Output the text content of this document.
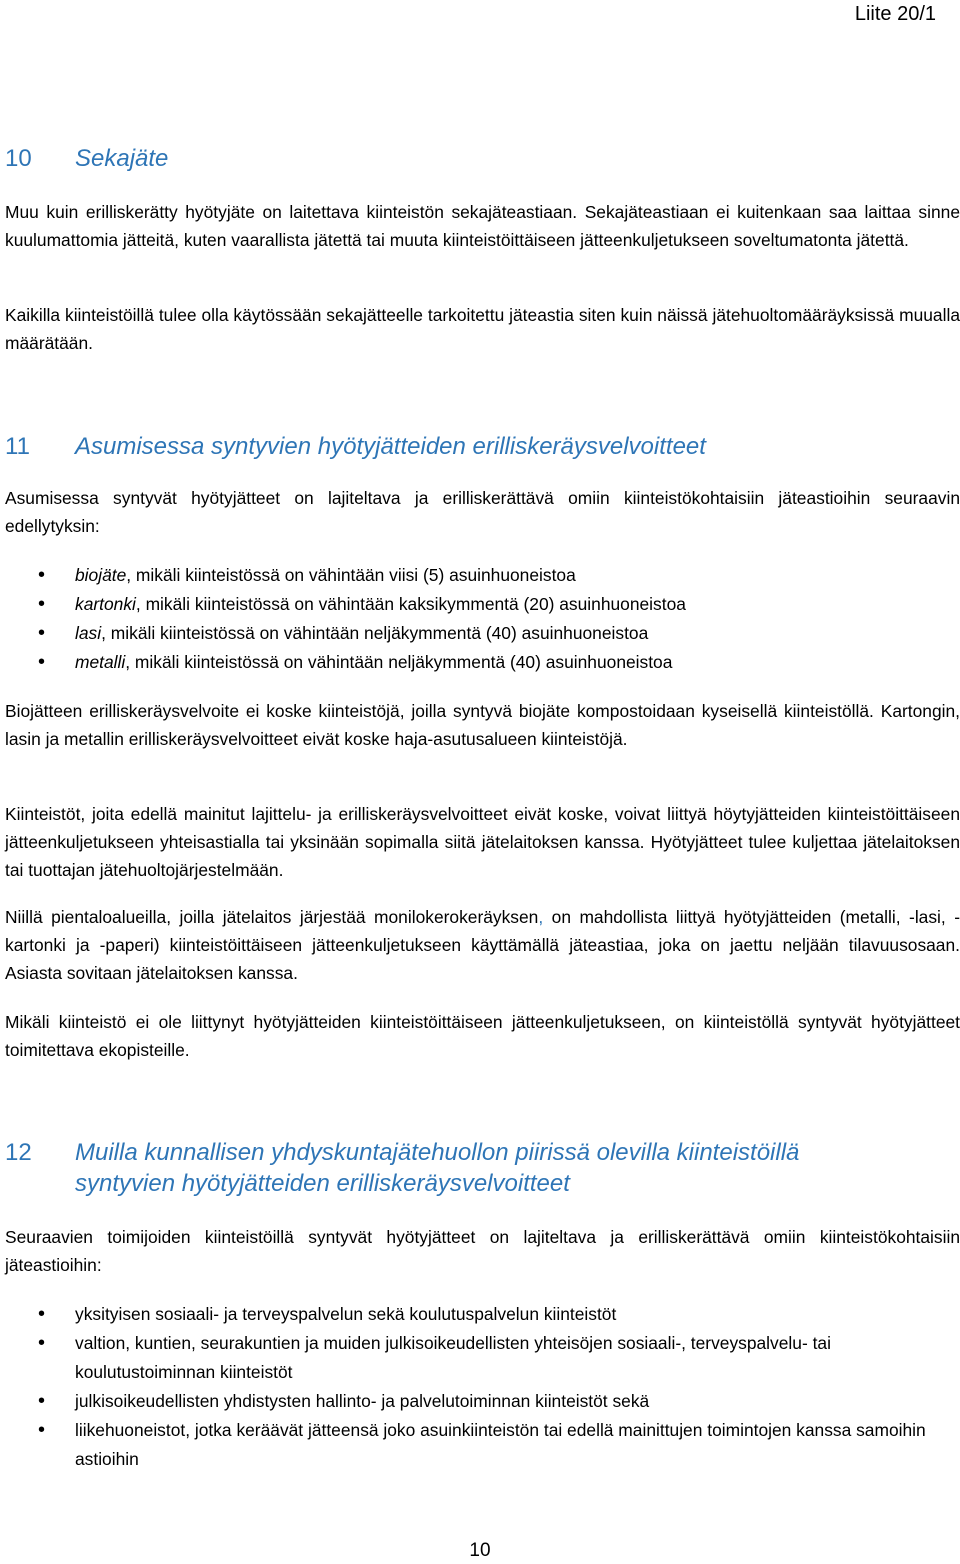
Liite 20/1
10 Sekajäte

Muu kuin erilliskerätty hyötyjäte on laitettava kiinteistön sekajäteastiaan. Sekajäteastiaan ei kuitenkaan saa laittaa sinne kuulumattomia jätteitä, kuten vaarallista jätettä tai muuta kiinteistöittäiseen jätteenkuljetukseen soveltumatonta jätettä.

Kaikilla kiinteistöillä tulee olla käytössään sekajätteelle tarkoitettu jäteastia siten kuin näissä jätehuoltomääräyksissä muualla määrätään.

11 Asumisessa syntyvien hyötyjätteiden erilliskeräysvelvoitteet

Asumisessa syntyvät hyötyjätteet on lajiteltava ja erilliskerättävä omiin kiinteistökohtaisiin jäteastioihin seuraavin edellytyksin:

• biojäte, mikäli kiinteistössä on vähintään viisi (5) asuinhuoneistoa
• kartonki, mikäli kiinteistössä on vähintään kaksikymmentä (20) asuinhuoneistoa
• lasi, mikäli kiinteistössä on vähintään neljäkymmentä (40) asuinhuoneistoa
• metalli, mikäli kiinteistössä on vähintään neljäkymmentä (40) asuinhuoneistoa

Biojätteen erilliskeräysvelvoite ei koske kiinteistöjä, joilla syntyvä biojäte kompostoidaan kyseisellä kiinteistöllä. Kartongin, lasin ja metallin erilliskeräysvelvoitteet eivät koske haja-asutusalueen kiinteistöjä.

Kiinteistöt, joita edellä mainitut lajittelu- ja erilliskeräysvelvoitteet eivät koske, voivat liittyä höytyjätteiden kiinteistöittäiseen jätteenkuljetukseen yhteisastialla tai yksinään sopimalla siitä jätelaitoksen kanssa. Hyötyjätteet tulee kuljettaa jätelaitoksen tai tuottajan jätehuoltojärjestelmään.

Niillä pientaloalueilla, joilla jätelaitos järjestää monilokerokeräyksen, on mahdollista liittyä hyötyjätteiden (metalli, -lasi, -kartonki ja -paperi) kiinteistöittäiseen jätteenkuljetukseen käyttämällä jäteastiaa, joka on jaettu neljään tilavuusosaan. Asiasta sovitaan jätelaitoksen kanssa.

Mikäli kiinteistö ei ole liittynyt hyötyjätteiden kiinteistöittäiseen jätteenkuljetukseen, on kiinteistöllä syntyvät hyötyjätteet toimitettava ekopisteille.

12 Muilla kunnallisen yhdyskuntajätehuollon piirissä olevilla kiinteistöillä
syntyvien hyötyjätteiden erilliskeräysvelvoitteet

Seuraavien toimijoiden kiinteistöillä syntyvät hyötyjätteet on lajiteltava ja erilliskerättävä omiin kiinteistökohtaisiin jäteastioihin:

• yksityisen sosiaali- ja terveyspalvelun sekä koulutuspalvelun kiinteistöt
• valtion, kuntien, seurakuntien ja muiden julkisoikeudellisten yhteisöjen sosiaali-, terveyspalvelu- tai koulutustoiminnan kiinteistöt
• julkisoikeudellisten yhdistysten hallinto- ja palvelutoiminnan kiinteistöt sekä
• liikehuoneistot, jotka keräävät jätteensä joko asuinkiinteistön tai edellä mainittujen toimintojen kanssa samoihin astioihin
10
